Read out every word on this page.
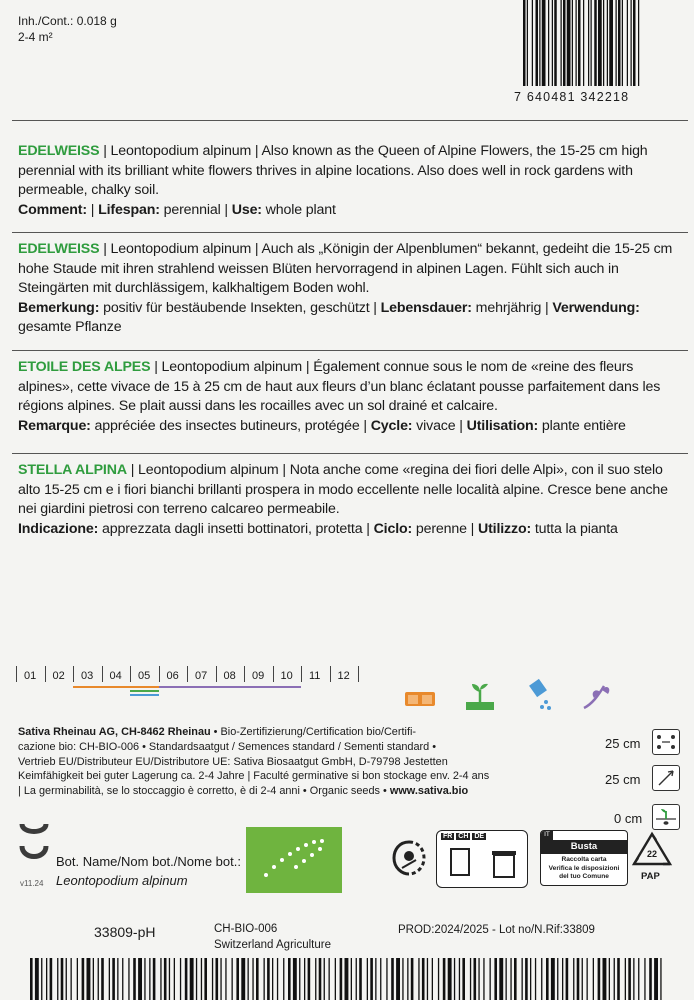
Inh./Cont.: 0.018 g
2-4 m²
7 640481 342218

EDELWEISS | Leontopodium alpinum | Also known as the Queen of Alpine Flowers, the 15-25 cm high perennial with its brilliant white flowers thrives in alpine locations. Also does well in rock gardens with permeable, chalky soil.

Comment: | Lifespan: perennial | Use: whole plant

EDELWEISS | Leontopodium alpinum | Auch als „Königin der Alpenblumen“ bekannt, gedeiht die 15-25 cm hohe Staude mit ihren strahlend weissen Blüten hervorragend in alpinen Lagen. Fühlt sich auch in Steingärten mit durchlässigem, kalkhaltigem Boden wohl.

Bemerkung: positiv für bestäubende Insekten, geschützt | Lebensdauer: mehrjährig | Verwendung: gesamte Pflanze

ETOILE DES ALPES | Leontopodium alpinum | Également connue sous le nom de «reine des fleurs alpines», cette vivace de 15 à 25 cm de haut aux fleurs d’un blanc éclatant pousse parfaitement dans les régions alpines. Se plait aussi dans les rocailles avec un sol drainé et calcaire.

Remarque: appréciée des insectes butineurs, protégée | Cycle: vivace | Utilisation: plante entière

STELLA ALPINA | Leontopodium alpinum | Nota anche come «regina dei fiori delle Alpi», con il suo stelo alto 15-25 cm e i fiori bianchi brillanti prospera in modo eccellente nelle località alpine. Cresce bene anche nei giardini pietrosi con terreno calcareo permeabile.

Indicazione: apprezzata dagli insetti bottinatori, protetta | Ciclo: perenne | Utilizzo: tutta la pianta

01 02 03 04 05 06 07 08 09 10 11 12
Sativa Rheinau AG, CH-8462 Rheinau • Bio-Zertifizierung/Certification bio/Certifi-
cazione bio: CH-BIO-006 • Standardsaatgut / Semences standard / Sementi standard •
Vertrieb EU/Distributeur EU/Distributore UE: Sativa Biosaatgut GmbH, D-79798 Jestetten
Keimfähigkeit bei guter Lagerung ca. 2-4 Jahre | Faculté germinative si bon stockage env. 2-4 ans
| La germinabilità, se lo stoccaggio è corretto, è di 2-4 anni • Organic seeds • www.sativa.bio
25 cm
25 cm
0 cm
Bot. Name/Nom bot./Nome bot.:
Leontopodium alpinum
v11.24
FR CH DE	IT
Busta
Raccolta carta
Verifica le disposizioni
del tuo Comune
22
PAP
33809-pH	CH-BIO-006
Switzerland Agriculture
PROD:2024/2025 - Lot no/N.Rif:33809
